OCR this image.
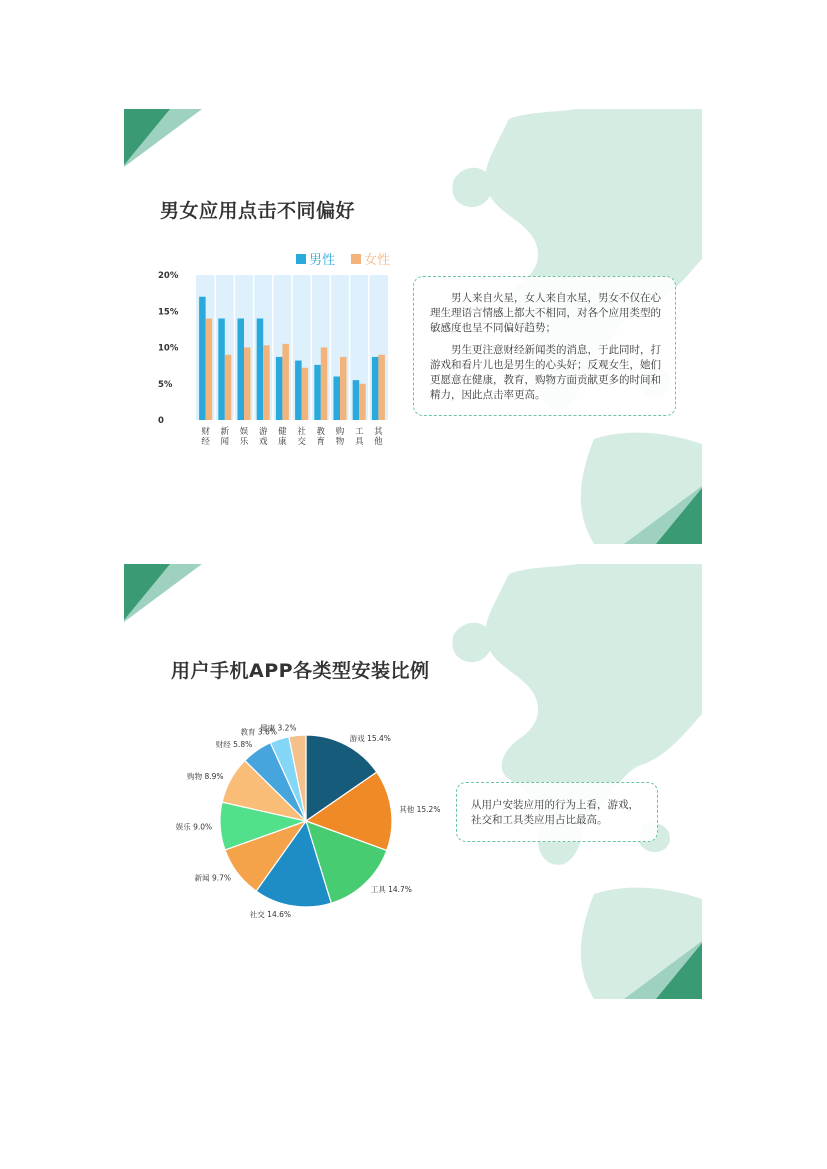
男女应用点击不同偏好
男性 女性
0
5%
10%
15%
20%
财
经
新
闻
娱
乐
游
戏
健
康
社
交
教
育
购
物
工
具
其
他

男人来自火星，女人来自水星，男女不仅在心理生理语言情感上都大不相同，对各个应用类型的敏感度也呈不同偏好趋势；

男生更注意财经新闻类的消息，于此同时，打游戏和看片儿也是男生的心头好；反观女生，她们更愿意在健康，教育，购物方面贡献更多的时间和精力，因此点击率更高。

用户手机APP各类型安装比例
游戏 15.4%
其他 15.2%
工具 14.7%
社交 14.6%
新闻 9.7%
娱乐 9.0%
购物 8.9%
财经 5.8%
教育 3.6%
健康 3.2%

从用户安装应用的行为上看，游戏，社交和工具类应用占比最高。
